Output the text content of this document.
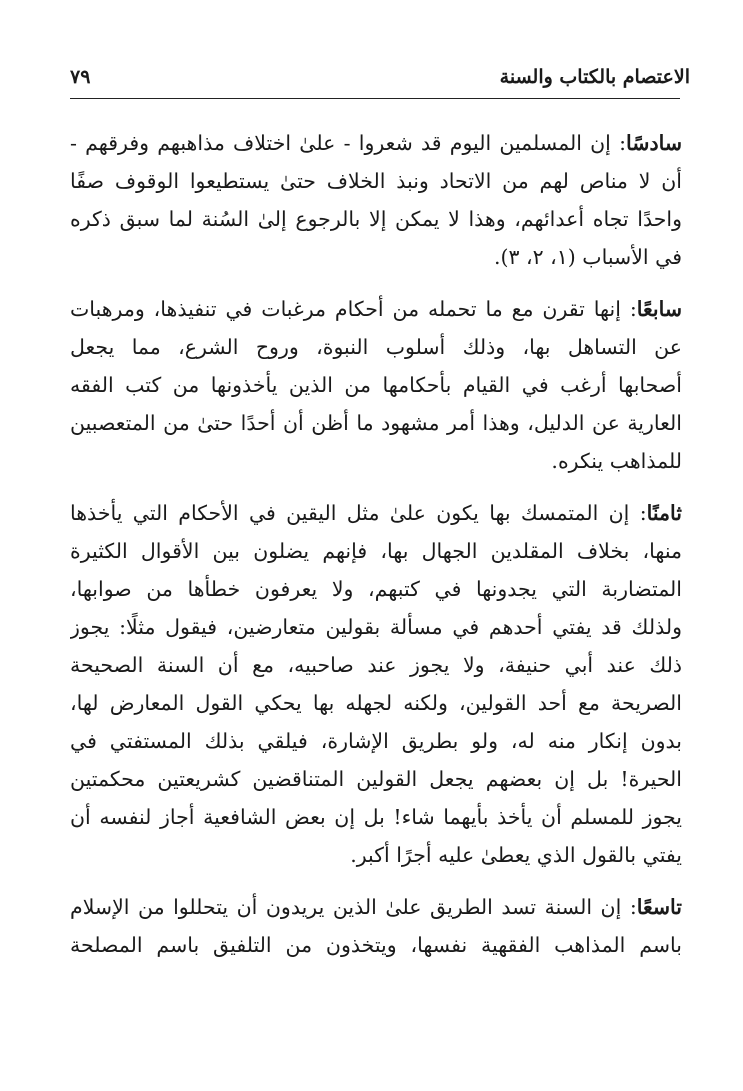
الاعتصام بالكتاب والسنة
٧٩
سادسًا: إن المسلمين اليوم قد شعروا - علىٰ اختلاف مذاهبهم وفرقهم -
أن لا مناص لهم من الاتحاد ونبذ الخلاف حتىٰ يستطيعوا الوقوف صفًا
واحدًا تجاه أعدائهم، وهذا لا يمكن إلا بالرجوع إلىٰ السُنة لما سبق ذكره
في الأسباب (١، ٢، ٣).
سابعًا: إنها تقرن مع ما تحمله من أحكام مرغبات في تنفيذها، ومرهبات
عن التساهل بها، وذلك أسلوب النبوة، وروح الشرع، مما يجعل
أصحابها أرغب في القيام بأحكامها من الذين يأخذونها من كتب الفقه
العارية عن الدليل، وهذا أمر مشهود ما أظن أن أحدًا حتىٰ من المتعصبين
للمذاهب ينكره.
ثامنًا: إن المتمسك بها يكون علىٰ مثل اليقين في الأحكام التي يأخذها
منها، بخلاف المقلدين الجهال بها، فإنهم يضلون بين الأقوال الكثيرة
المتضاربة التي يجدونها في كتبهم، ولا يعرفون خطأها من صوابها،
ولذلك قد يفتي أحدهم في مسألة بقولين متعارضين، فيقول مثلًا: يجوز
ذلك عند أبي حنيفة، ولا يجوز عند صاحبيه، مع أن السنة الصحيحة
الصريحة مع أحد القولين، ولكنه لجهله بها يحكي القول المعارض لها،
بدون إنكار منه له، ولو بطريق الإشارة، فيلقي بذلك المستفتي في
الحيرة! بل إن بعضهم يجعل القولين المتناقضين كشريعتين محكمتين
يجوز للمسلم أن يأخذ بأيهما شاء! بل إن بعض الشافعية أجاز لنفسه أن
يفتي بالقول الذي يعطىٰ عليه أجرًا أكبر.
تاسعًا: إن السنة تسد الطريق علىٰ الذين يريدون أن يتحللوا من الإسلام
باسم المذاهب الفقهية نفسها، ويتخذون من التلفيق باسم المصلحة
